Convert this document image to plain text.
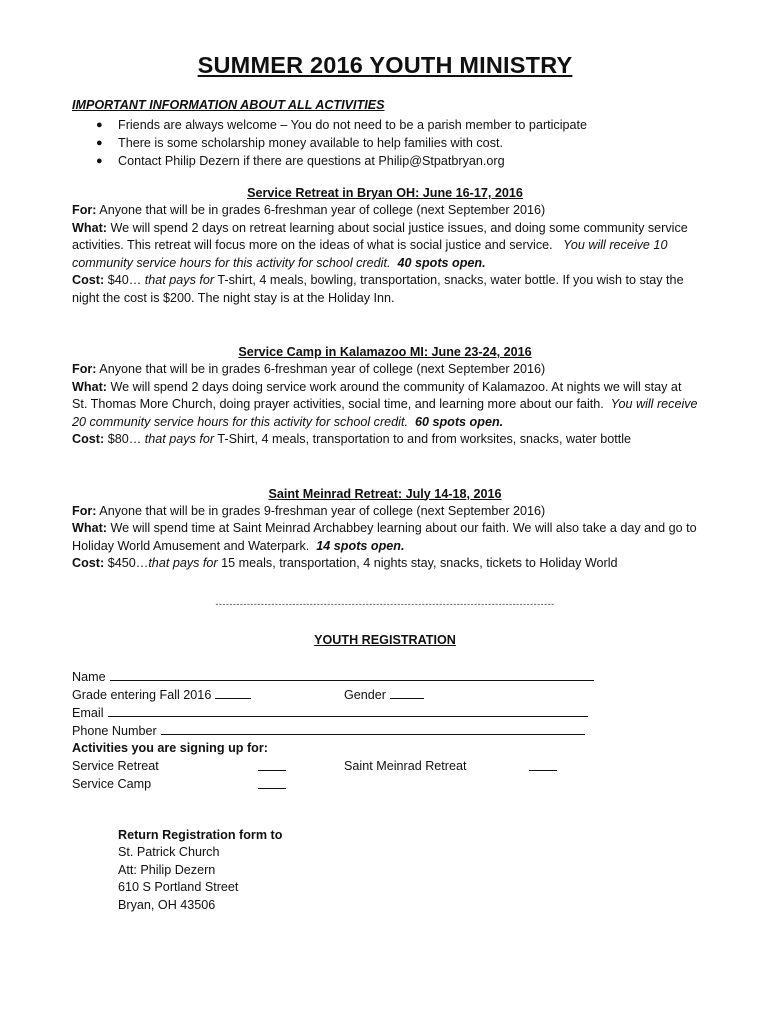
SUMMER 2016 YOUTH MINISTRY
IMPORTANT INFORMATION ABOUT ALL ACTIVITIES
● Friends are always welcome – You do not need to be a parish member to participate
● There is some scholarship money available to help families with cost.
● Contact Philip Dezern if there are questions at Philip@Stpatbryan.org
Service Retreat in Bryan OH: June 16-17, 2016
For: Anyone that will be in grades 6-freshman year of college (next September 2016)
What: We will spend 2 days on retreat learning about social justice issues, and doing some community service activities. This retreat will focus more on the ideas of what is social justice and service. You will receive 10 community service hours for this activity for school credit. 40 spots open.
Cost: $40… that pays for T-shirt, 4 meals, bowling, transportation, snacks, water bottle. If you wish to stay the night the cost is $200. The night stay is at the Holiday Inn.
Service Camp in Kalamazoo MI: June 23-24, 2016
For: Anyone that will be in grades 6-freshman year of college (next September 2016)
What: We will spend 2 days doing service work around the community of Kalamazoo. At nights we will stay at St. Thomas More Church, doing prayer activities, social time, and learning more about our faith. You will receive 20 community service hours for this activity for school credit. 60 spots open.
Cost: $80… that pays for T-Shirt, 4 meals, transportation to and from worksites, snacks, water bottle
Saint Meinrad Retreat: July 14-18, 2016
For: Anyone that will be in grades 9-freshman year of college (next September 2016)
What: We will spend time at Saint Meinrad Archabbey learning about our faith. We will also take a day and go to Holiday World Amusement and Waterpark. 14 spots open.
Cost: $450…that pays for 15 meals, transportation, 4 nights stay, snacks, tickets to Holiday World
-------------------------------------------------------------------------------------------------
YOUTH REGISTRATION
Name
Grade entering Fall 2016	Gender
Email
Phone Number
Activities you are signing up for:
Service Retreat	Saint Meinrad Retreat
Service Camp
Return Registration form to
St. Patrick Church
Att: Philip Dezern
610 S Portland Street
Bryan, OH 43506
